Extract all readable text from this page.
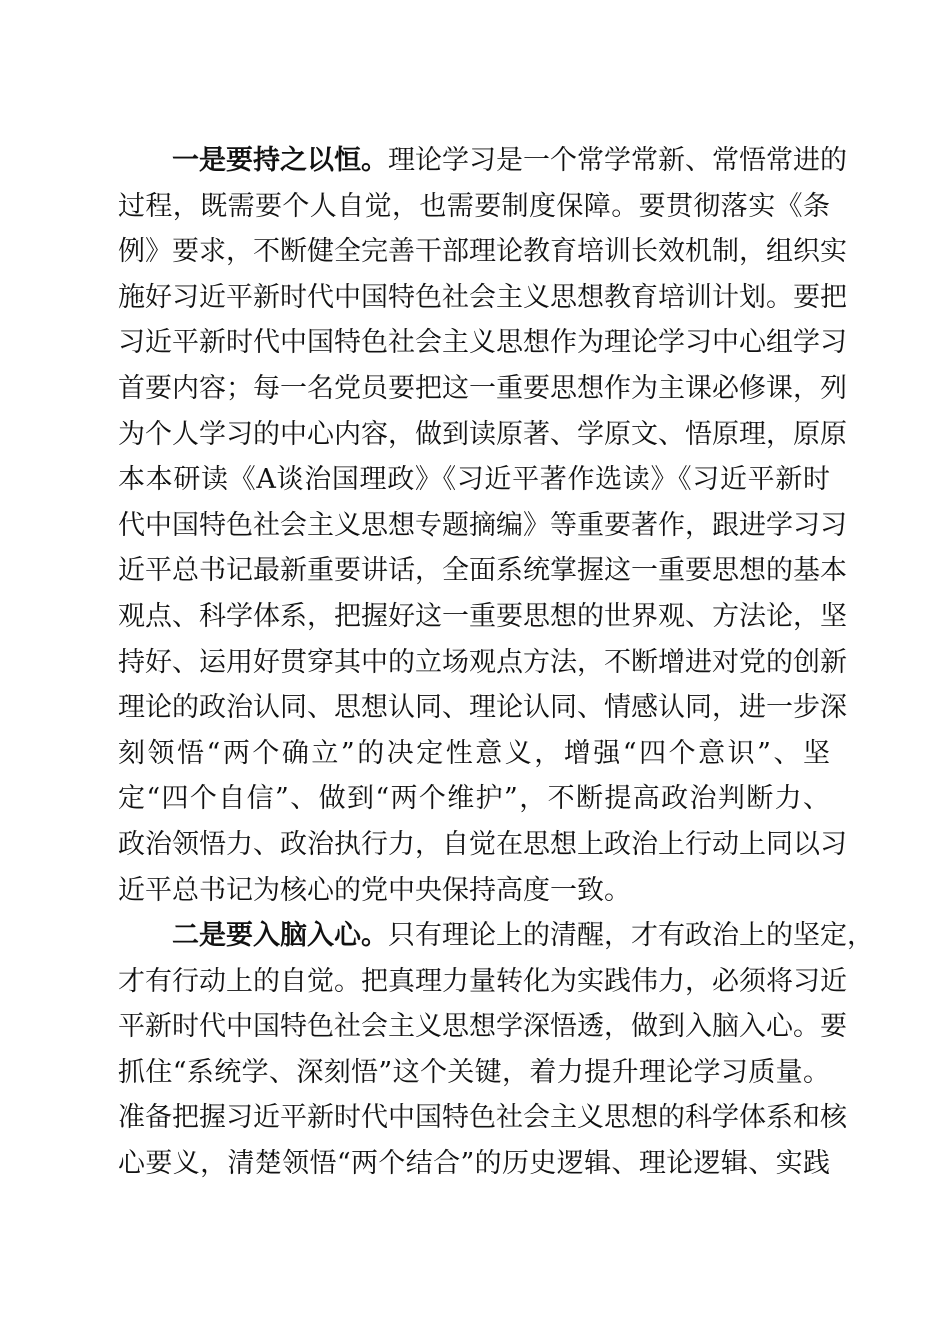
一是要持之以恒。理论学习是一个常学常新、常悟常进的
过程，既需要个人自觉，也需要制度保障。要贯彻落实《条
例》要求，不断健全完善干部理论教育培训长效机制，组织实
施好习近平新时代中国特色社会主义思想教育培训计划。要把
习近平新时代中国特色社会主义思想作为理论学习中心组学习
首要内容；每一名党员要把这一重要思想作为主课必修课，列
为个人学习的中心内容，做到读原著、学原文、悟原理，原原
本本研读《A谈治国理政》《习近平著作选读》《习近平新时
代中国特色社会主义思想专题摘编》等重要著作，跟进学习习
近平总书记最新重要讲话，全面系统掌握这一重要思想的基本
观点、科学体系，把握好这一重要思想的世界观、方法论，坚
持好、运用好贯穿其中的立场观点方法，不断增进对党的创新
理论的政治认同、思想认同、理论认同、情感认同，进一步深
刻领悟“两个确立”的决定性意义，增强“四个意识”、坚
定“四个自信”、做到“两个维护”，不断提高政治判断力、
政治领悟力、政治执行力，自觉在思想上政治上行动上同以习
近平总书记为核心的党中央保持高度一致。
二是要入脑入心。只有理论上的清醒，才有政治上的坚定，
才有行动上的自觉。把真理力量转化为实践伟力，必须将习近
平新时代中国特色社会主义思想学深悟透，做到入脑入心。要
抓住“系统学、深刻悟”这个关键，着力提升理论学习质量。
准备把握习近平新时代中国特色社会主义思想的科学体系和核
心要义，清楚领悟“两个结合”的历史逻辑、理论逻辑、实践
